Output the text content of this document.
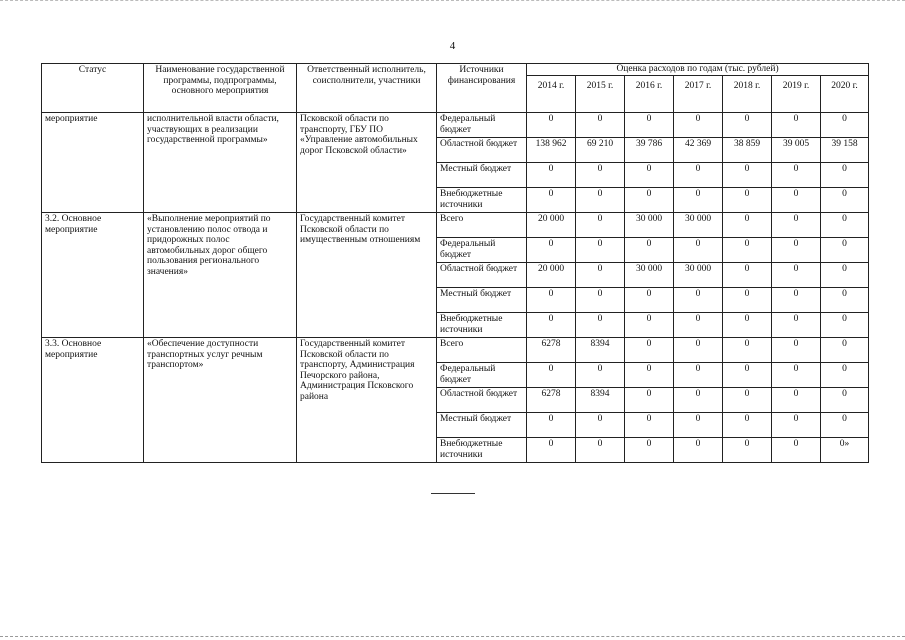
4
Статус	Наименование государственной программы, подпрограммы, основного мероприятия	Ответственный исполнитель, соисполнители, участники	Источники финансирования	Оценка расходов по годам (тыс. рублей)						
				2014 г.	2015 г.	2016 г.	2017 г.	2018 г.	2019 г.	2020 г.
мероприятие	исполнительной власти области, участвующих в реализации государственной программы»	Псковской области по транспорту, ГБУ ПО «Управление автомобильных дорог Псковской области»	Федеральный бюджет	0	0	0	0	0	0	0
			Областной бюджет	138 962	69 210	39 786	42 369	38 859	39 005	39 158
			Местный бюджет	0	0	0	0	0	0	0
			Внебюджетные источники	0	0	0	0	0	0	0
3.2. Основное мероприятие	«Выполнение мероприятий по установлению полос отвода и придорожных полос автомобильных дорог общего пользования регионального значения»	Государственный комитет Псковской области по имущественным отношениям	Всего	20 000	0	30 000	30 000	0	0	0
			Федеральный бюджет	0	0	0	0	0	0	0
			Областной бюджет	20 000	0	30 000	30 000	0	0	0
			Местный бюджет	0	0	0	0	0	0	0
			Внебюджетные источники	0	0	0	0	0	0	0
3.3. Основное мероприятие	«Обеспечение доступности транспортных услуг речным транспортом»	Государственный комитет Псковской области по транспорту, Администрация Печорского района, Администрация Псковского района	Всего	6278	8394	0	0	0	0	0
			Федеральный бюджет	0	0	0	0	0	0	0
			Областной бюджет	6278	8394	0	0	0	0	0
			Местный бюджет	0	0	0	0	0	0	0
			Внебюджетные источники	0	0	0	0	0	0	0»
